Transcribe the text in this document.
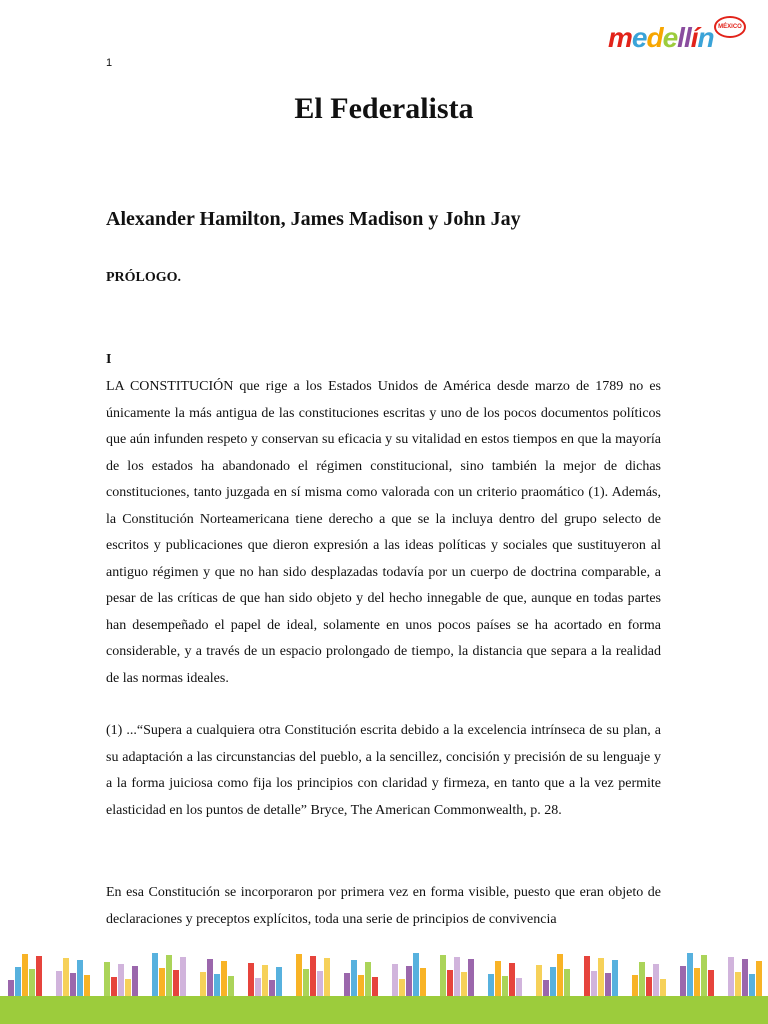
1
medellín MÉXICO
El Federalista

Alexander Hamilton, James Madison y John Jay

PRÓLOGO.

I

LA CONSTITUCIÓN que rige a los Estados Unidos de América desde marzo de 1789 no es únicamente la más antigua de las constituciones escritas y uno de los pocos documentos políticos que aún infunden respeto y conservan su eficacia y su vitalidad en estos tiempos en que la mayoría de los estados ha abandonado el régimen constitucional, sino también la mejor de dichas constituciones, tanto juzgada en sí misma como valorada con un criterio praomático (1). Además, la Constitución Norteamericana tiene derecho a que se la incluya dentro del grupo selecto de escritos y publicaciones que dieron expresión a las ideas políticas y sociales que sustituyeron al antiguo régimen y que no han sido desplazadas todavía por un cuerpo de doctrina comparable, a pesar de las críticas de que han sido objeto y del hecho innegable de que, aunque en todas partes han desempeñado el papel de ideal, solamente en unos pocos países se ha acortado en forma considerable, y a través de un espacio prolongado de tiempo, la distancia que separa a la realidad de las normas ideales.

(1) ...“Supera a cualquiera otra Constitución escrita debido a la excelencia intrínseca de su plan, a su adaptación a las circunstancias del pueblo, a la sencillez, concisión y precisión de su lenguaje y a la forma juiciosa como fija los principios con claridad y firmeza, en tanto que a la vez permite elasticidad en los puntos de detalle” Bryce, The American Commonwealth, p. 28.

En esa Constitución se incorporaron por primera vez en forma visible, puesto que eran objeto de declaraciones y preceptos explícitos, toda una serie de principios de convivencia
